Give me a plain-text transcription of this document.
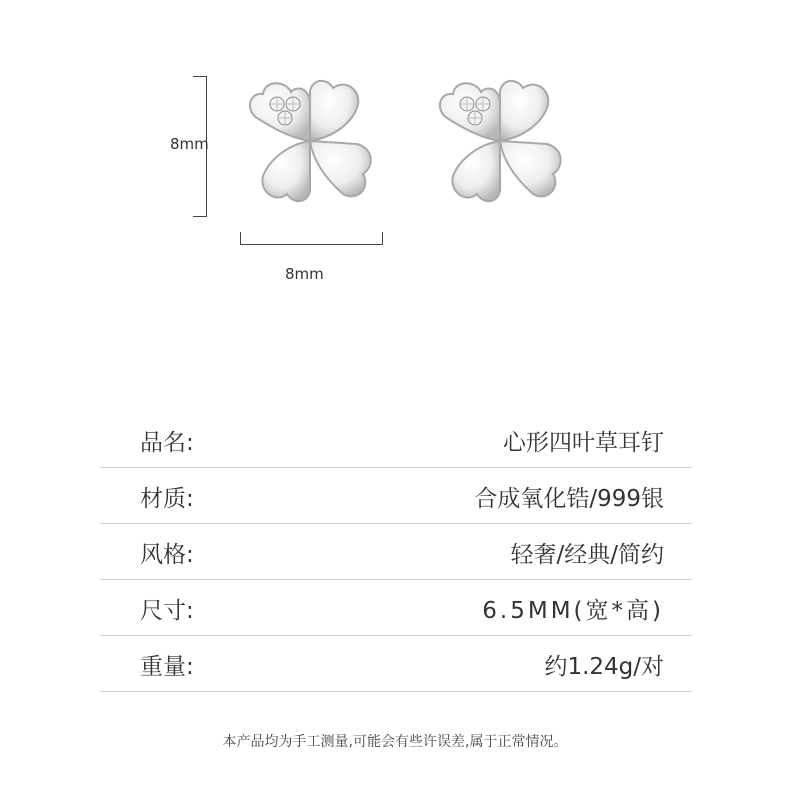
8mm
8mm
品名:	心形四叶草耳钉
材质:	合成氧化锆/999银
风格:	轻奢/经典/简约
尺寸:	6.5MM(宽*高)
重量:	约1.24g/对
本产品均为手工测量,可能会有些许误差,属于正常情况。
